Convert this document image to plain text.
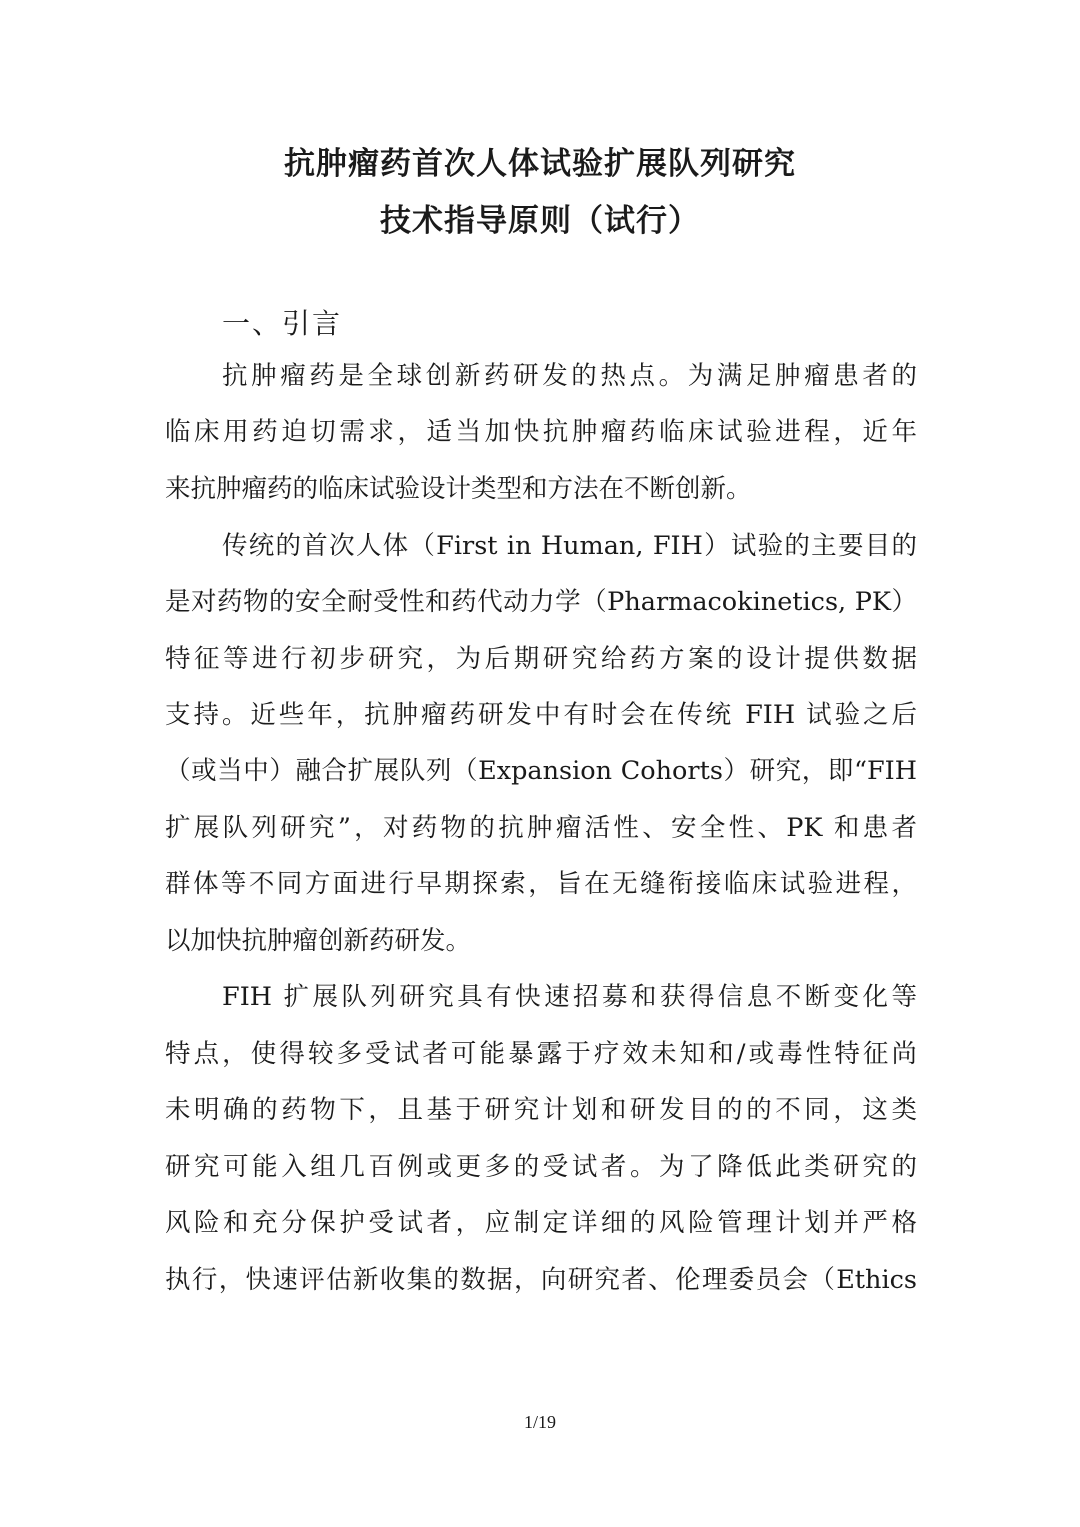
抗肿瘤药首次人体试验扩展队列研究
技术指导原则（试行）
一、引言

抗肿瘤药是全球创新药研发的热点。为满足肿瘤患者的

临床用药迫切需求，适当加快抗肿瘤药临床试验进程，近年

来抗肿瘤药的临床试验设计类型和方法在不断创新。

传统的首次人体（First in Human, FIH）试验的主要目的

是对药物的安全耐受性和药代动力学（Pharmacokinetics, PK）

特征等进行初步研究，为后期研究给药方案的设计提供数据

支持。近些年，抗肿瘤药研发中有时会在传统 FIH 试验之后

（或当中）融合扩展队列（Expansion Cohorts）研究，即“FIH

扩展队列研究”，对药物的抗肿瘤活性、安全性、PK 和患者

群体等不同方面进行早期探索，旨在无缝衔接临床试验进程，

以加快抗肿瘤创新药研发。

FIH 扩展队列研究具有快速招募和获得信息不断变化等

特点，使得较多受试者可能暴露于疗效未知和/或毒性特征尚

未明确的药物下，且基于研究计划和研发目的的不同，这类

研究可能入组几百例或更多的受试者。为了降低此类研究的

风险和充分保护受试者，应制定详细的风险管理计划并严格

执行，快速评估新收集的数据，向研究者、伦理委员会（Ethics

1/19
